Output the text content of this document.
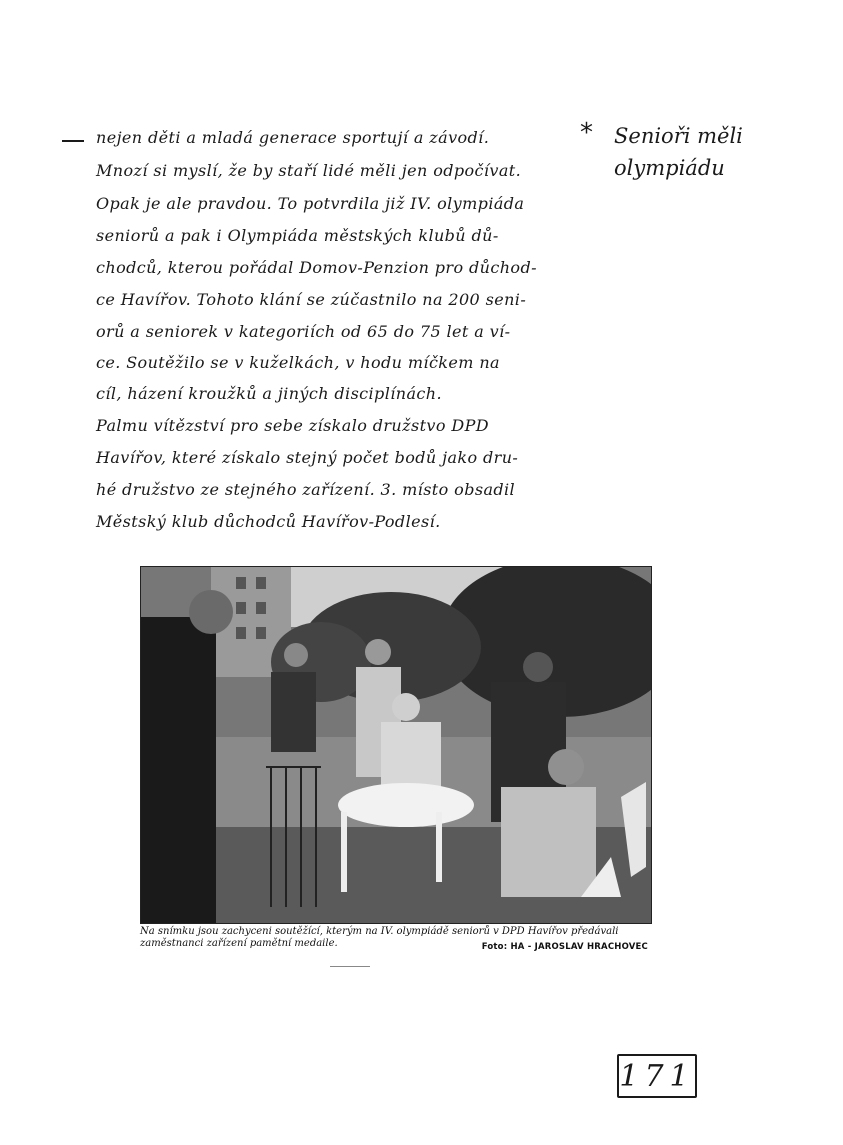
nejen děti a mladá generace sportují a závodí.
Mnozí si myslí, že by staří lidé měli jen odpočívat.
Opak je ale pravdou. To potvrdila již IV. olympiáda
seniorů a pak i Olympiáda městských klubů dů-
chodců, kterou pořádal Domov-Penzion pro důchod-
ce Havířov. Tohoto klání se zúčastnilo na 200 seni-
orů a seniorek v kategoriích od 65 do 75 let a ví-
ce. Soutěžilo se v kuželkách, v hodu míčkem na
cíl, házení kroužků a jiných disciplínách.
Palmu vítězství pro sebe získalo družstvo DPD
Havířov, které získalo stejný počet bodů jako dru-
hé družstvo ze stejného zařízení. 3. místo obsadil
Městský klub důchodců Havířov-Podlesí.
* Senioři měli
olympiádu
Na snímku jsou zachyceni soutěžící, kterým na IV. olympiádě seniorů v DPD Havířov předávali zaměstnanci zařízení pamětní medaile.	Foto: HA - JAROSLAV HRACHOVEC
171
